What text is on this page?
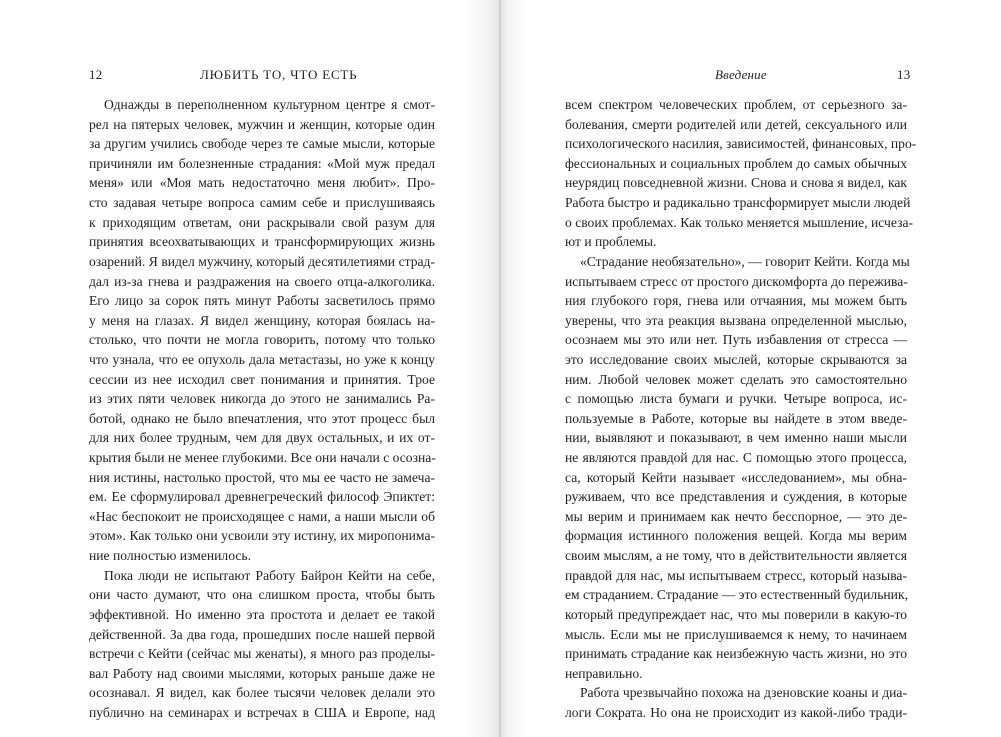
12	ЛЮБИТЬ ТО, ЧТО ЕСТЬ	Введение	13
Однажды в переполненном культурном центре я смот-
рел на пятерых человек, мужчин и женщин, которые один
за другим учились свободе через те самые мысли, которые
причиняли им болезненные страдания: «Мой муж предал
меня» или «Моя мать недостаточно меня любит». Про-
сто задавая четыре вопроса самим себе и прислушиваясь
к приходящим ответам, они раскрывали свой разум для
принятия всеохватывающих и трансформирующих жизнь
озарений. Я видел мужчину, который десятилетиями страд-
дал из-за гнева и раздражения на своего отца-алкоголика.
Его лицо за сорок пять минут Работы засветилось прямо
у меня на глазах. Я видел женщину, которая боялась на-
столько, что почти не могла говорить, потому что только
что узнала, что ее опухоль дала метастазы, но уже к концу
сессии из нее исходил свет понимания и принятия. Трое
из этих пяти человек никогда до этого не занимались Ра-
ботой, однако не было впечатления, что этот процесс был
для них более трудным, чем для двух остальных, и их от-
крытия были не менее глубокими. Все они начали с осозна-
ния истины, настолько простой, что мы ее часто не замеча-
ем. Ее сформулировал древнегреческий философ Эпиктет:
«Нас беспокоит не происходящее с нами, а наши мысли об
этом». Как только они усвоили эту истину, их миропонима-
ние полностью изменилось.
Пока люди не испытают Работу Байрон Кейти на себе,
они часто думают, что она слишком проста, чтобы быть
эффективной. Но именно эта простота и делает ее такой
действенной. За два года, прошедших после нашей первой
встречи с Кейти (сейчас мы женаты), я много раз проделы-
вал Работу над своими мыслями, которых раньше даже не
осознавал. Я видел, как более тысячи человек делали это
публично на семинарах и встречах в США и Европе, над
всем спектром человеческих проблем, от серьезного за-
болевания, смерти родителей или детей, сексуального или
психологического насилия, зависимостей, финансовых, про-
фессиональных и социальных проблем до самых обычных
неурядиц повседневной жизни. Снова и снова я видел, как
Работа быстро и радикально трансформирует мысли людей
о своих проблемах. Как только меняется мышление, исчеза-
ют и проблемы.
«Страдание необязательно», — говорит Кейти. Когда мы
испытываем стресс от простого дискомфорта до пережива-
ния глубокого горя, гнева или отчаяния, мы можем быть
уверены, что эта реакция вызвана определенной мыслью,
осознаем мы это или нет. Путь избавления от стресса —
это исследование своих мыслей, которые скрываются за
ним. Любой человек может сделать это самостоятельно
с помощью листа бумаги и ручки. Четыре вопроса, ис-
пользуемые в Работе, которые вы найдете в этом введе-
нии, выявляют и показывают, в чем именно наши мысли
не являются правдой для нас. С помощью этого процесса,
са, который Кейти называет «исследованием», мы обна-
руживаем, что все представления и суждения, в которые
мы верим и принимаем как нечто бесспорное, — это де-
формация истинного положения вещей. Когда мы верим
своим мыслям, а не тому, что в действительности является
правдой для нас, мы испытываем стресс, который называ-
ем страданием. Страдание — это естественный будильник,
который предупреждает нас, что мы поверили в какую-то
мысль. Если мы не прислушиваемся к нему, то начинаем
принимать страдание как неизбежную часть жизни, но это
неправильно.
Работа чрезвычайно похожа на дзеновские коаны и диа-
логи Сократа. Но она не происходит из какой-либо тради-
